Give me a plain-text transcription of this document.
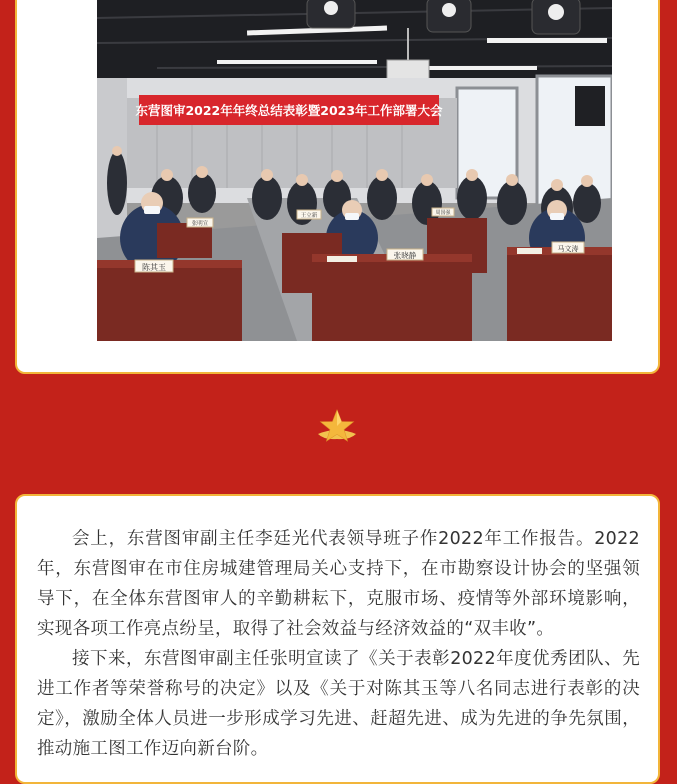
东营图审2022年年终总结表彰暨2023年工作部署大会
陈其玉
张晓静
马文涛
张明宣
王立新	周国强

会上，东营图审副主任李廷光代表领导班子作2022年工作报告。2022年，东营图审在市住房城建管理局关心支持下，在市勘察设计协会的坚强领导下，在全体东营图审人的辛勤耕耘下，克服市场、疫情等外部环境影响，实现各项工作亮点纷呈，取得了社会效益与经济效益的“双丰收”。

接下来，东营图审副主任张明宣读了《关于表彰2022年度优秀团队、先进工作者等荣誉称号的决定》以及《关于对陈其玉等八名同志进行表彰的决定》，激励全体人员进一步形成学习先进、赶超先进、成为先进的争先氛围，推动施工图工作迈向新台阶。
